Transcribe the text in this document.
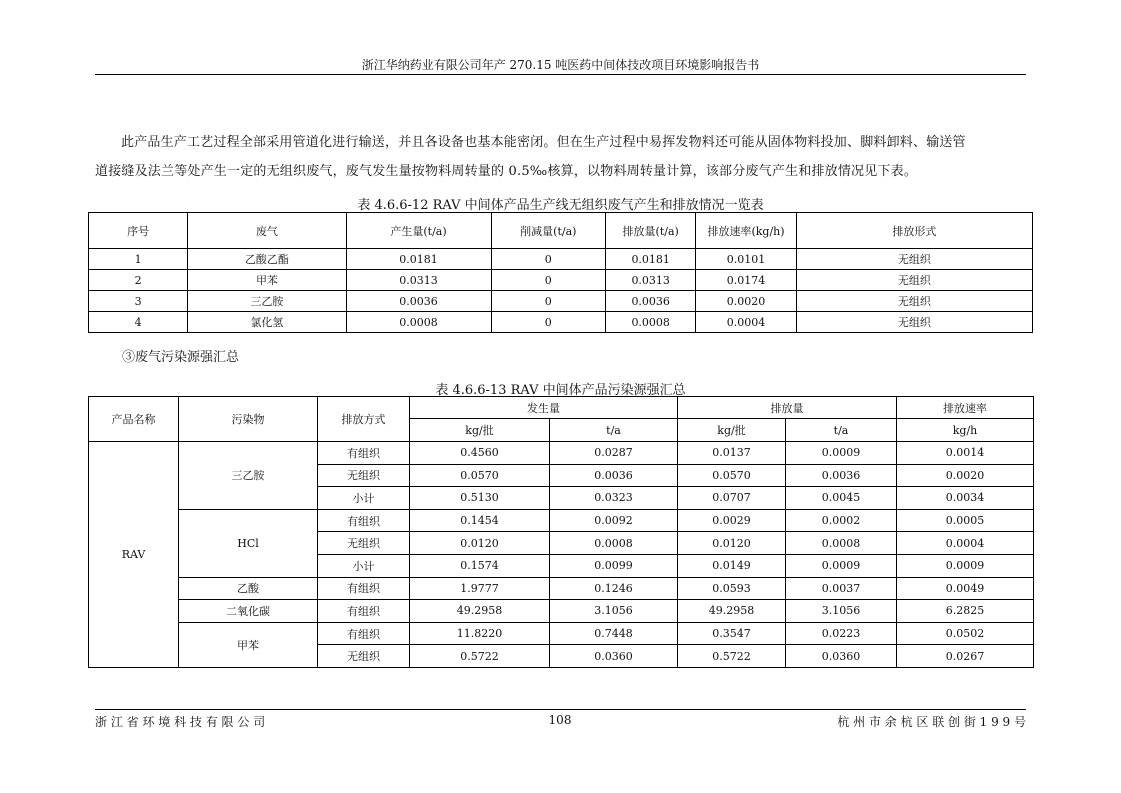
浙江华纳药业有限公司年产 270.15 吨医药中间体技改项目环境影响报告书
此产品生产工艺过程全部采用管道化进行输送，并且各设备也基本能密闭。但在生产过程中易挥发物料还可能从固体物料投加、脚料卸料、输送管
道接缝及法兰等处产生一定的无组织废气，废气发生量按物料周转量的 0.5‰核算，以物料周转量计算，该部分废气产生和排放情况见下表。
表 4.6.6-12 RAV 中间体产品生产线无组织废气产生和排放情况一览表
序号	废气	产生量(t/a)	削减量(t/a)	排放量(t/a)	排放速率(kg/h)	排放形式
1	乙酸乙酯	0.0181	0	0.0181	0.0101	无组织
2	甲苯	0.0313	0	0.0313	0.0174	无组织
3	三乙胺	0.0036	0	0.0036	0.0020	无组织
4	氯化氢	0.0008	0	0.0008	0.0004	无组织
③废气污染源强汇总
表 4.6.6-13 RAV 中间体产品污染源强汇总
产品名称	污染物	排放方式	发生量		排放量		排放速率
			kg/批	t/a	kg/批	t/a	kg/h
RAV	三乙胺	有组织	0.4560	0.0287	0.0137	0.0009	0.0014
		无组织	0.0570	0.0036	0.0570	0.0036	0.0020
		小计	0.5130	0.0323	0.0707	0.0045	0.0034
	HCl	有组织	0.1454	0.0092	0.0029	0.0002	0.0005
		无组织	0.0120	0.0008	0.0120	0.0008	0.0004
		小计	0.1574	0.0099	0.0149	0.0009	0.0009
	乙酸	有组织	1.9777	0.1246	0.0593	0.0037	0.0049
	二氧化碳	有组织	49.2958	3.1056	49.2958	3.1056	6.2825
	甲苯	有组织	11.8220	0.7448	0.3547	0.0223	0.0502
		无组织	0.5722	0.0360	0.5722	0.0360	0.0267
浙 江 省 环 境 科 技 有 限 公 司	108	杭 州 市 余 杭 区 联 创 街 1 9 9 号
